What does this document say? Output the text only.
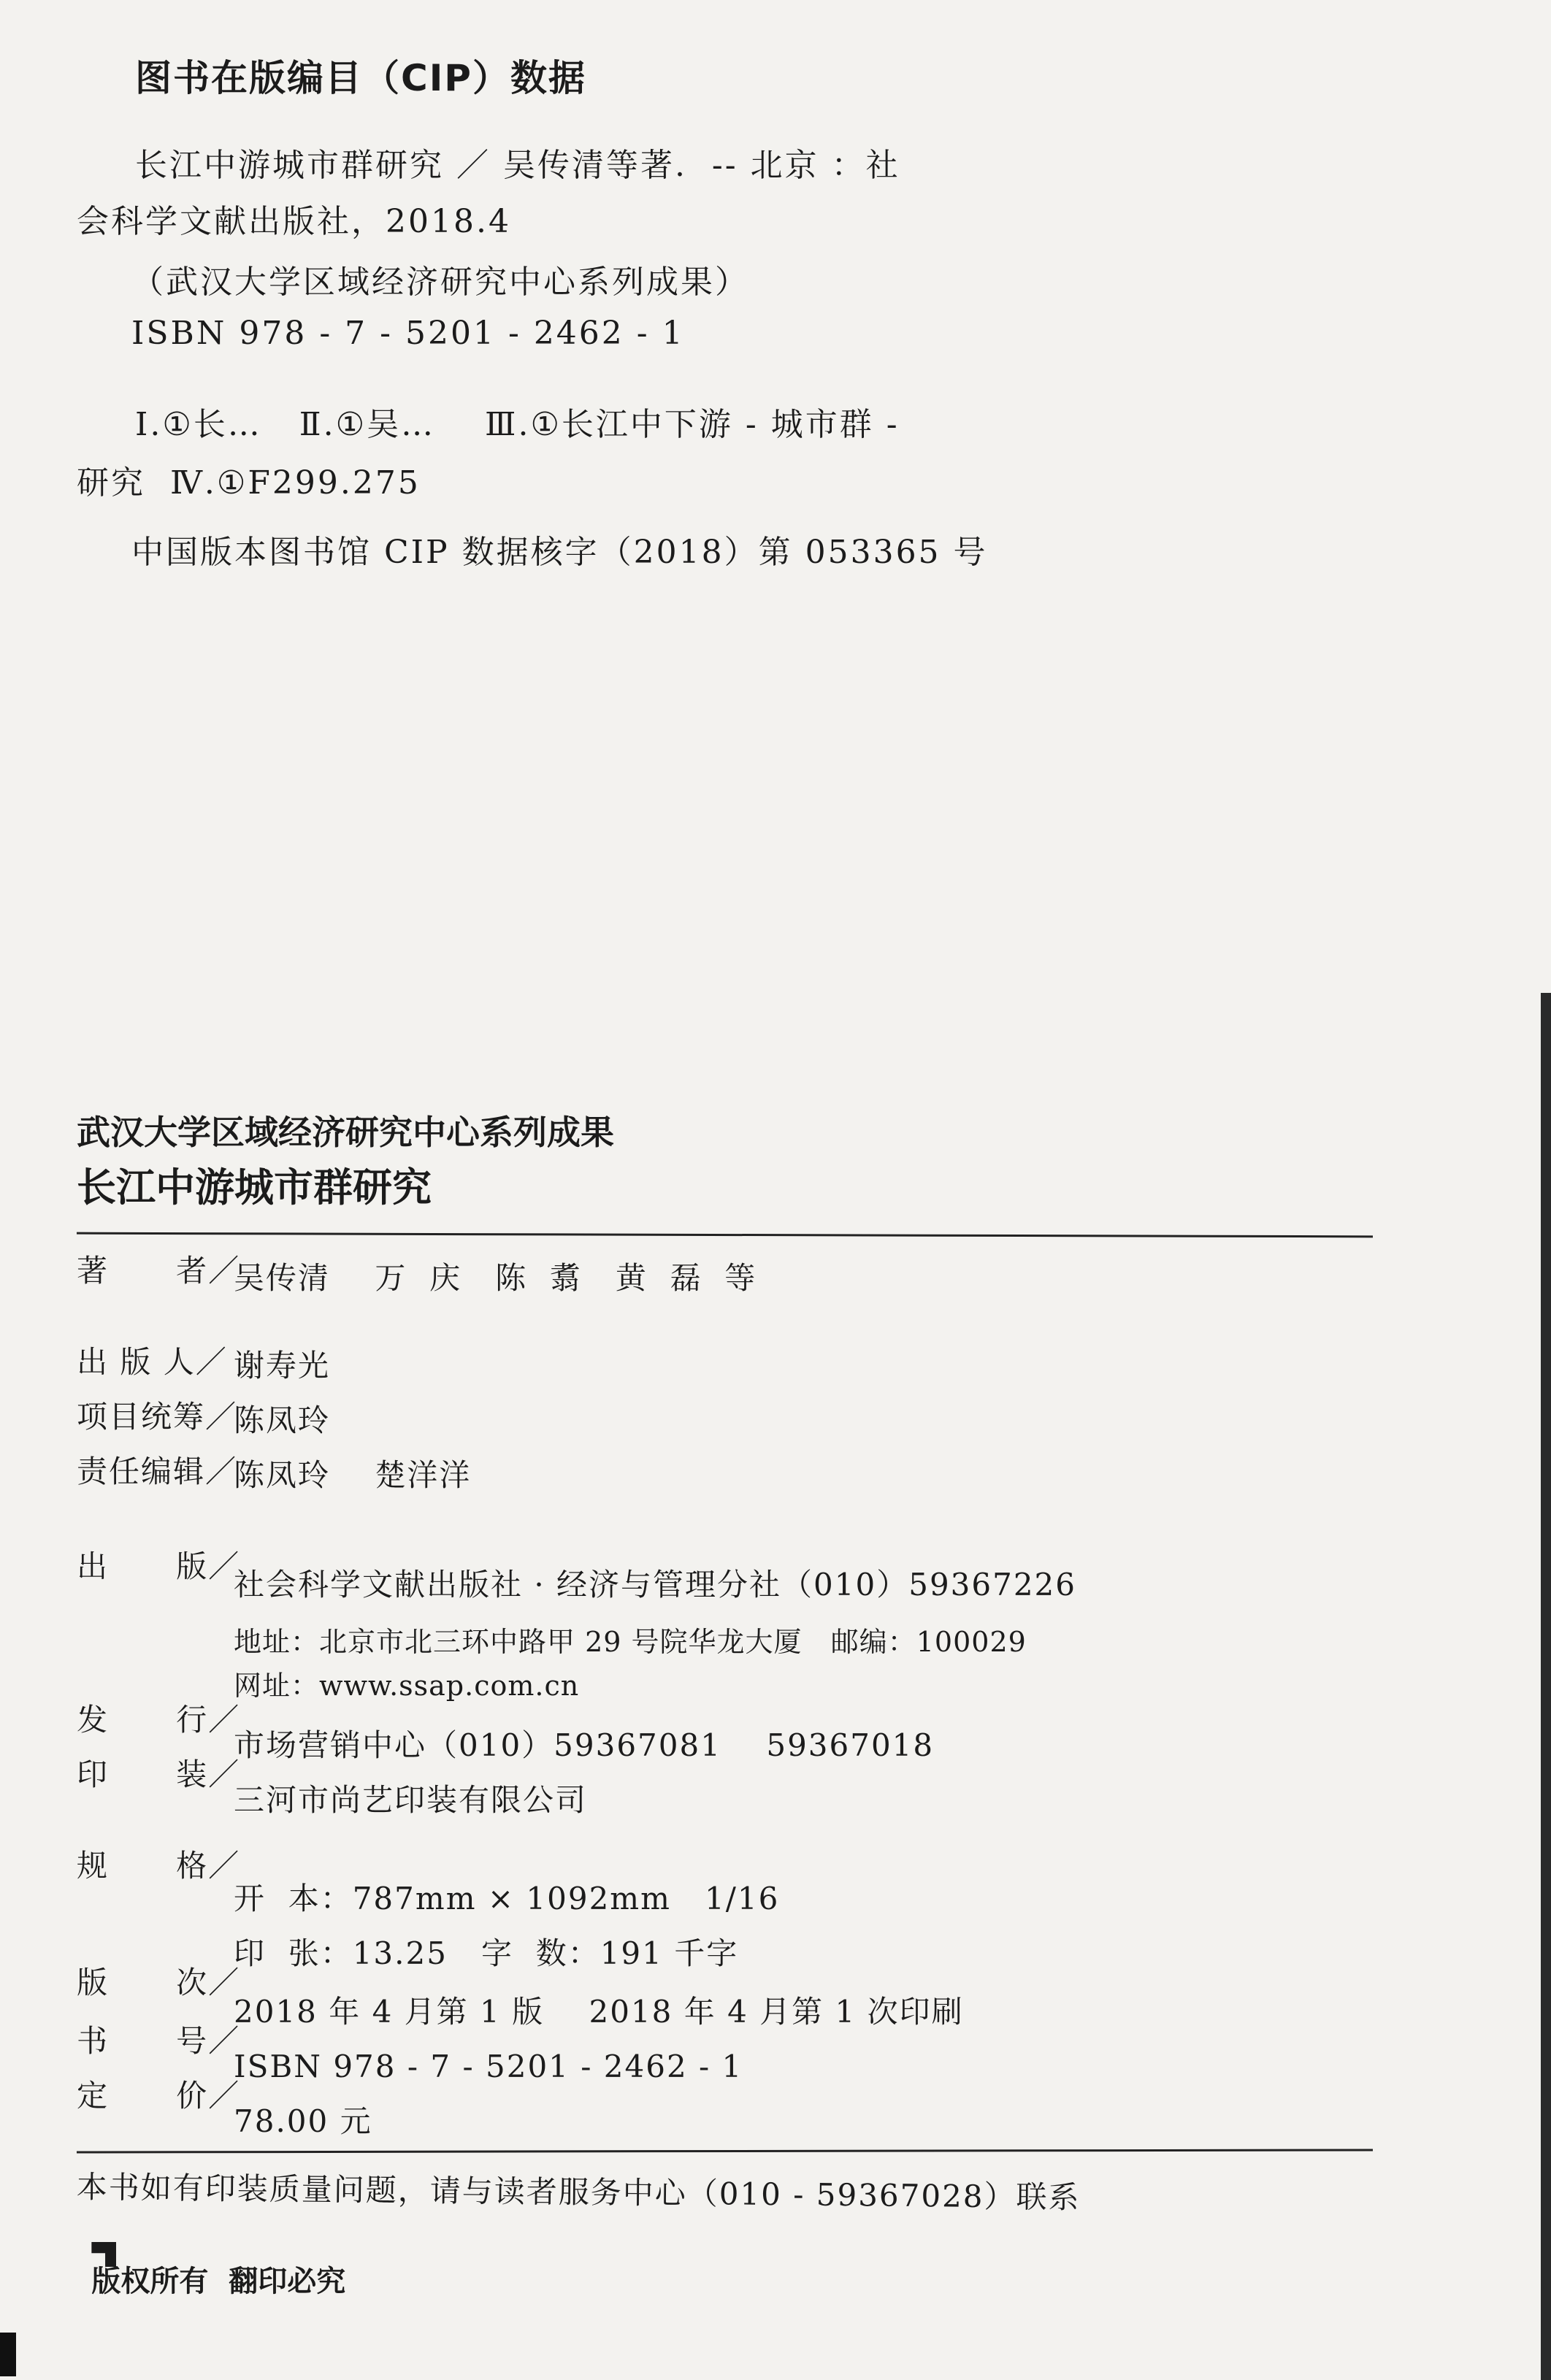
图书在版编目（CIP）数据
长江中游城市群研究 ／ 吴传清等著.  -- 北京 ：社
会科学文献出版社，2018.4
（武汉大学区域经济研究中心系列成果）
ISBN 978 - 7 - 5201 - 2462 - 1
Ⅰ.①长…   Ⅱ.①吴…    Ⅲ.①长江中下游 - 城市群 -
研究  Ⅳ.①F299.275
中国版本图书馆 CIP 数据核字（2018）第 053365 号
武汉大学区域经济研究中心系列成果
长江中游城市群研究
著      者／
吴传清    万  庆   陈  翥   黄  磊  等
出 版 人／ 谢寿光
项目统筹／
陈凤玲
责任编辑／
陈凤玲    楚洋洋
出      版／
社会科学文献出版社 · 经济与管理分社（010）59367226
地址：北京市北三环中路甲 29 号院华龙大厦   邮编：100029
网址：www.ssap.com.cn
发      行／
市场营销中心（010）59367081    59367018
印      装／
三河市尚艺印装有限公司
规      格／
开  本：787mm × 1092mm   1/16
印  张：13.25   字  数：191 千字
版      次／
2018 年 4 月第 1 版    2018 年 4 月第 1 次印刷
书      号／
ISBN 978 - 7 - 5201 - 2462 - 1
定      价／
78.00 元
本书如有印装质量问题，请与读者服务中心（010 - 59367028）联系

版权所有  翻印必究
